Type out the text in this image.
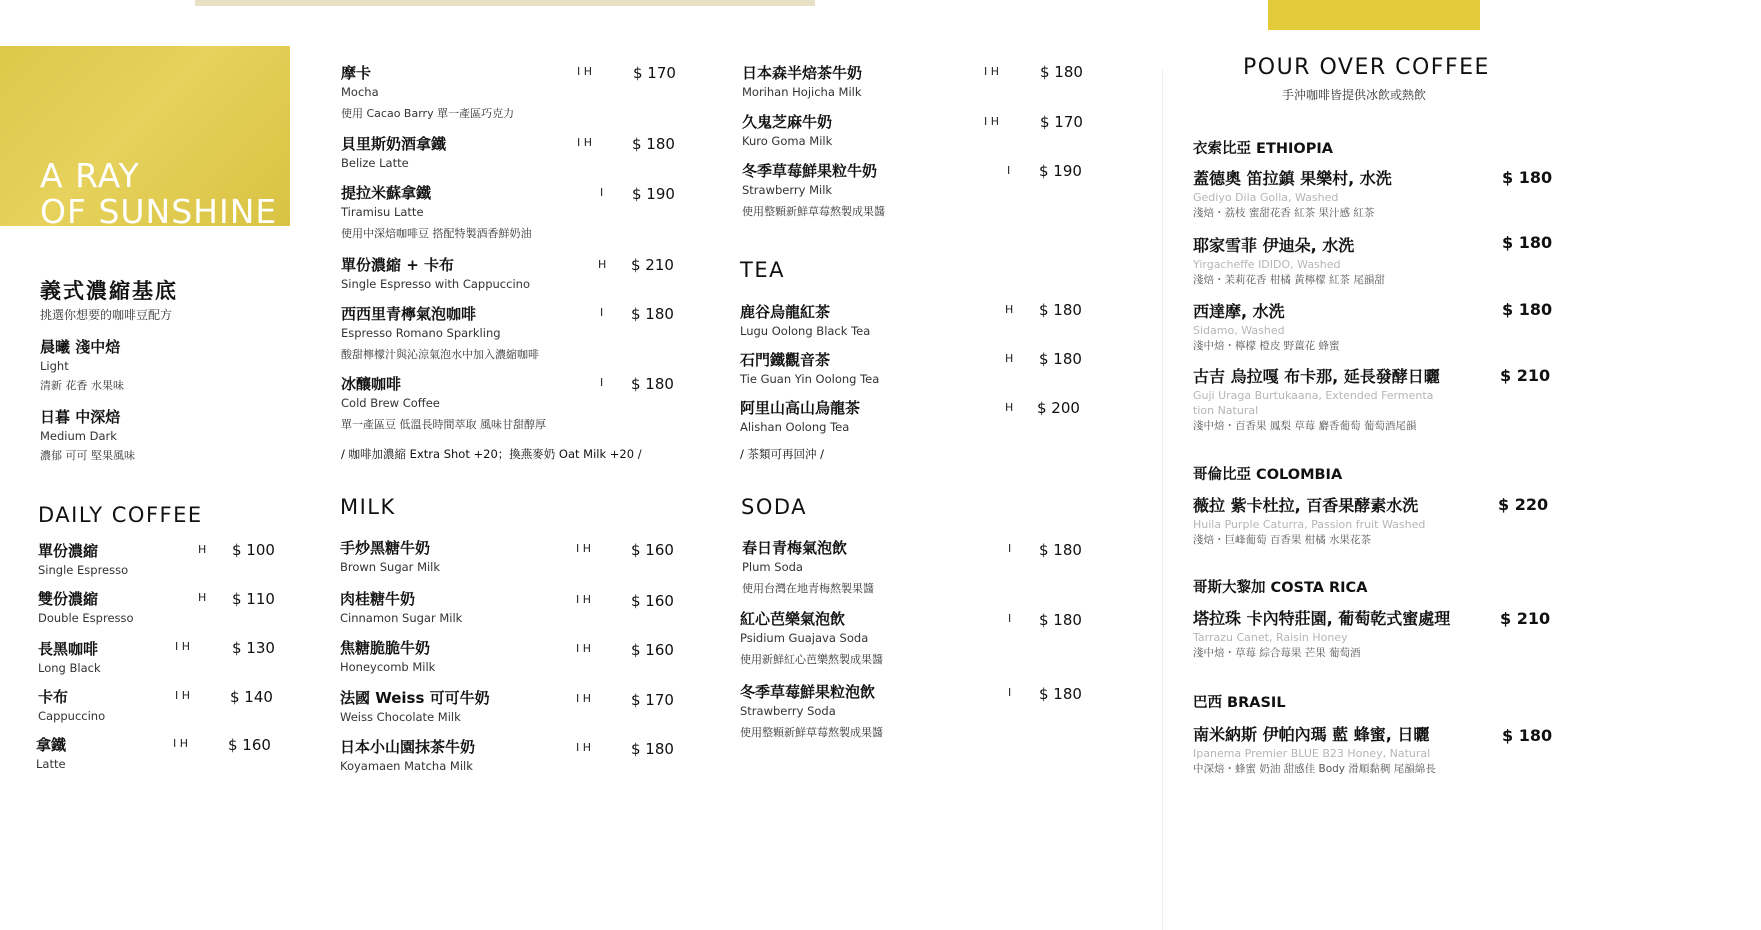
A RAY
OF SUNSHINE
義式濃縮基底
挑選你想要的咖啡豆配方
晨曦 淺中焙
Light
清新 花香 水果味
日暮 中深焙
Medium Dark
濃郁 可可 堅果風味
DAILY COFFEE
單份濃縮
Single Espresso
H $ 100
雙份濃縮
Double Espresso
H $ 110
長黑咖啡
Long Black
I H	$ 130
卡布
Cappuccino
I H	$ 140
拿鐵
Latte
I H	$ 160
摩卡
Mocha
使用 Cacao Barry 單一產區巧克力
I H	$ 170
貝里斯奶酒拿鐵
Belize Latte
I H	$ 180
提拉米蘇拿鐵
Tiramisu Latte
使用中深焙咖啡豆 搭配特製酒香鮮奶油
I $ 190
單份濃縮 + 卡布
Single Espresso with Cappuccino
H $ 210
西西里青檸氣泡咖啡
Espresso Romano Sparkling
酸甜檸檬汁與沁涼氣泡水中加入濃縮咖啡
I $ 180
冰釀咖啡
Cold Brew Coffee
單一產區豆 低溫長時間萃取 風味甘甜醇厚
I $ 180
/ 咖啡加濃縮 Extra Shot +20；換燕麥奶 Oat Milk +20 /
MILK
手炒黑糖牛奶
Brown Sugar Milk
I H	$ 160
肉桂糖牛奶
Cinnamon Sugar Milk
I H	$ 160
焦糖脆脆牛奶
Honeycomb Milk
I H	$ 160
法國 Weiss 可可牛奶
Weiss Chocolate Milk
I H	$ 170
日本小山園抹茶牛奶
Koyamaen Matcha Milk
I H	$ 180
日本森半焙茶牛奶
Morihan Hojicha Milk
I H	$ 180
久鬼芝麻牛奶
Kuro Goma Milk
I H	$ 170
冬季草莓鮮果粒牛奶
Strawberry Milk
使用整顆新鮮草莓熬製成果醬
I $ 190
TEA
鹿谷烏龍紅茶
Lugu Oolong Black Tea
H $ 180
石門鐵觀音茶
Tie Guan Yin Oolong Tea
H $ 180
阿里山高山烏龍茶
Alishan Oolong Tea
H $ 200
/ 茶類可再回沖 /
SODA
春日青梅氣泡飲
Plum Soda
使用台灣在地青梅熬製果醬
I $ 180
紅心芭樂氣泡飲
Psidium Guajava Soda
使用新鮮紅心芭樂熬製成果醬
I $ 180
冬季草莓鮮果粒泡飲
Strawberry Soda
使用整顆新鮮草莓熬製成果醬
I $ 180
POUR OVER COFFEE
手沖咖啡皆提供冰飲或熱飲
衣索比亞 ETHIOPIA
蓋德奧 笛拉鎮 果樂村, 水洗
Gediyo Dila Golla, Washed
淺焙・荔枝 蜜甜花香 紅茶 果汁感 紅茶
$ 180
耶家雪菲 伊迪朵, 水洗
Yirgacheffe IDIDO, Washed
淺焙・茉莉花香 柑橘 黃檸檬 紅茶 尾韻甜
$ 180
西達摩, 水洗
Sidamo, Washed
淺中焙・檸檬 橙皮 野薑花 蜂蜜
$ 180
古吉 烏拉嘎 布卡那, 延長發酵日曬
Guji Uraga Burtukaana, Extended Fermenta
tion Natural
淺中焙・百香果 鳳梨 草莓 麝香葡萄 葡萄酒尾韻
$ 210
哥倫比亞 COLOMBIA
薇拉 紫卡杜拉, 百香果酵素水洗
Huila Purple Caturra, Passion fruit Washed
淺焙・巨峰葡萄 百香果 柑橘 水果花茶
$ 220
哥斯大黎加 COSTA RICA
塔拉珠 卡內特莊園, 葡萄乾式蜜處理
Tarrazu Canet, Raisin Honey
淺中焙・草莓 綜合莓果 芒果 葡萄酒
$ 210
巴西 BRASIL
南米納斯 伊帕內瑪 藍 蜂蜜, 日曬
Ipanema Premier BLUE B23 Honey, Natural
中深焙・蜂蜜 奶油 甜感佳 Body 滑順黏稠 尾韻綿長
$ 180
